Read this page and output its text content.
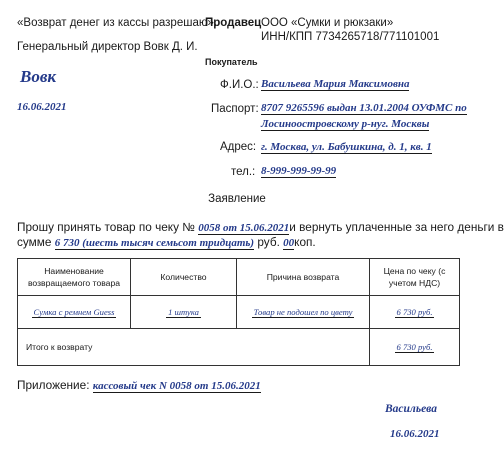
«Возврат денег из кассы разрешаю».
Генеральный директор Вовк Д. И.
Вовк
16.06.2021
Продавец ООО «Сумки и рюкзаки»
ИНН/КПП 7734265718/771101001
Покупатель
Ф.И.О.: Васильева Мария Максимовна
Паспорт: 8707 9265596 выдан 13.01.2004 ОУФМС по
Лосиноостровскому р-нуг. Москвы
Адрес: г. Москва, ул. Бабушкина, д. 1, кв. 1
тел.: 8-999-999-99-99
Заявление
Прошу принять товар по чеку № 0058 от 15.06.2021и вернуть уплаченные за него деньги в
сумме 6 730 (шесть тысяч семьсот тридцать) руб. 00коп.
Наименование возвращаемого товара	Количество	Причина возврата	Цена по чеку (с учетом НДС)
Сумка с ремнем Guess	1 штука	Товар не подошел по цвету	6 730 руб.
Итого к возврату			6 730 руб.
Приложение: кассовый чек N 0058 от 15.06.2021
Васильева
16.06.2021
